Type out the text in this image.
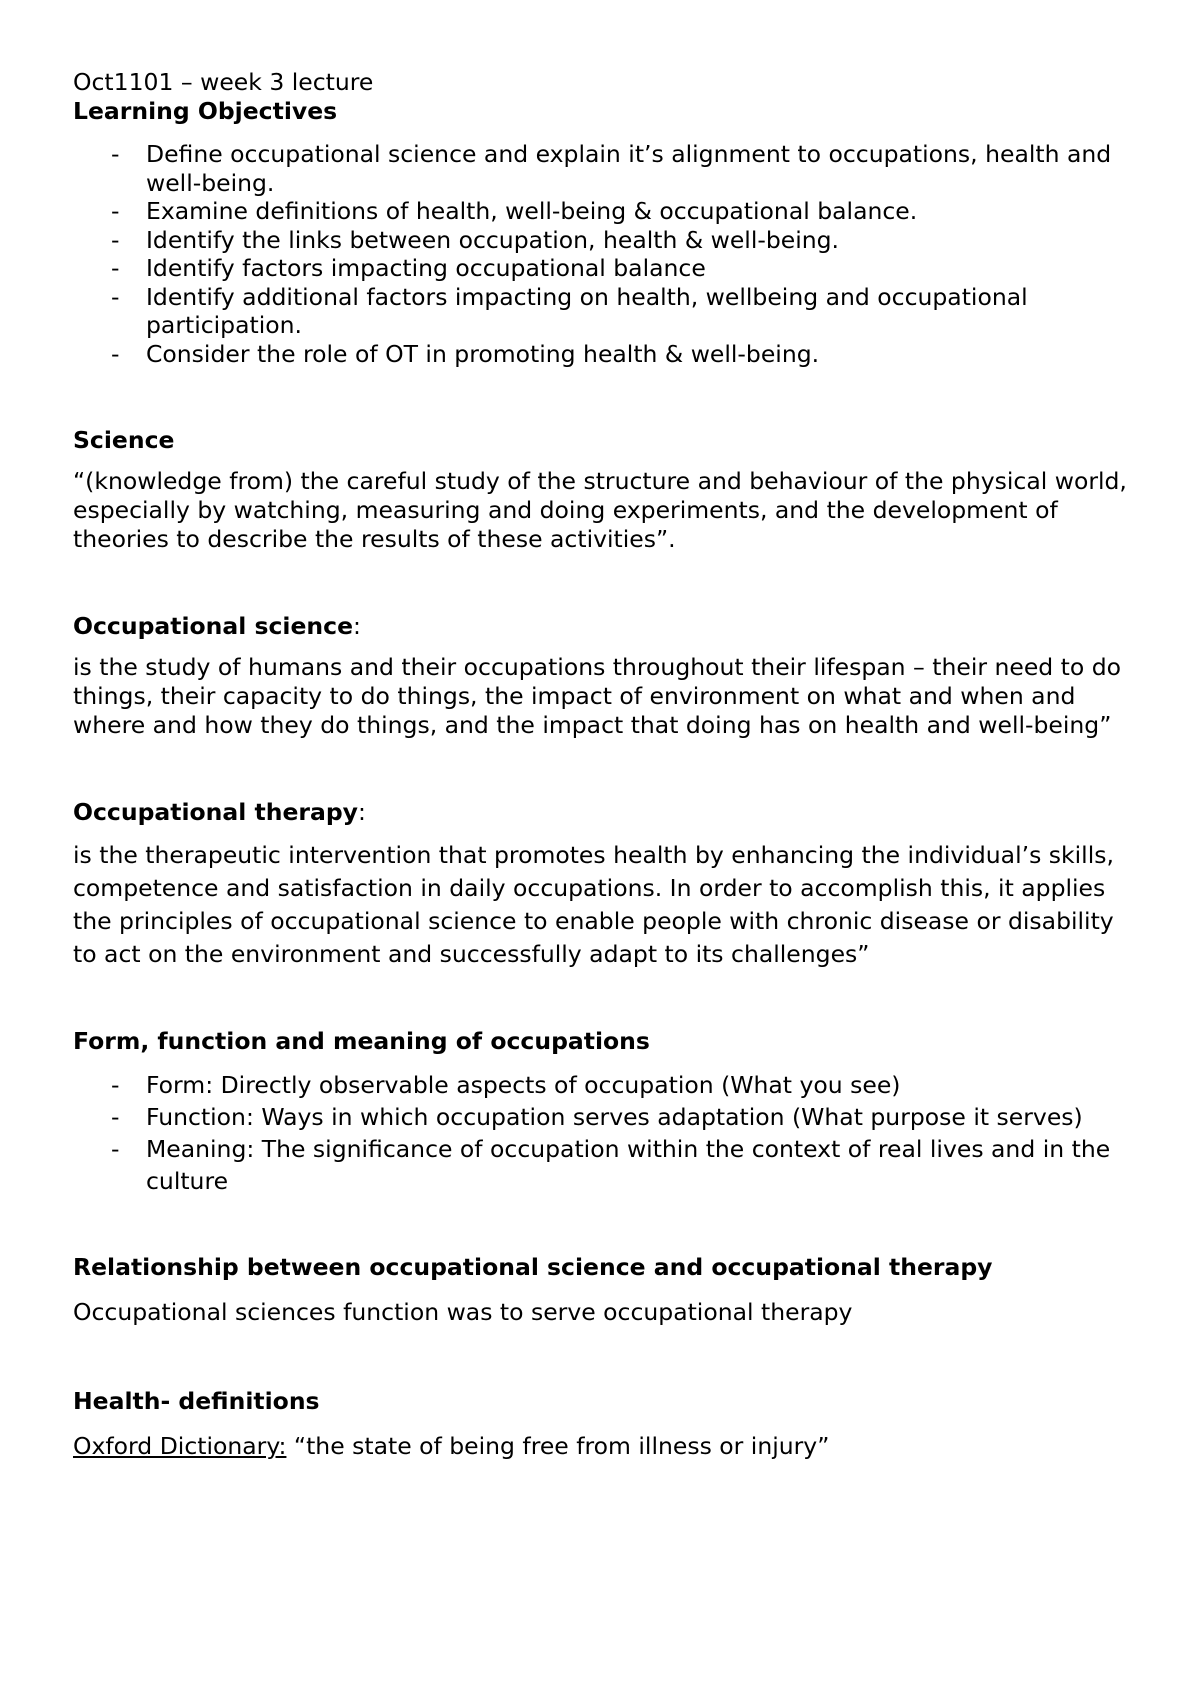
Oct1101 – week 3 lecture

Learning Objectives

- Define occupational science and explain it’s alignment to occupations, health and well-being.
- Examine definitions of health, well-being & occupational balance.
- Identify the links between occupation, health & well-being.
- Identify factors impacting occupational balance
- Identify additional factors impacting on health, wellbeing and occupational participation.
- Consider the role of OT in promoting health & well-being.

Science

“(knowledge from) the careful study of the structure and behaviour of the physical world, especially by watching, measuring and doing experiments, and the development of theories to describe the results of these activities”.

Occupational science:

is the study of humans and their occupations throughout their lifespan – their need to do things, their capacity to do things, the impact of environment on what and when and where and how they do things, and the impact that doing has on health and well-being”

Occupational therapy:

is the therapeutic intervention that promotes health by enhancing the individual’s skills, competence and satisfaction in daily occupations. In order to accomplish this, it applies the principles of occupational science to enable people with chronic disease or disability to act on the environment and successfully adapt to its challenges”

Form, function and meaning of occupations

- Form: Directly observable aspects of occupation (What you see)
- Function: Ways in which occupation serves adaptation (What purpose it serves)
- Meaning: The significance of occupation within the context of real lives and in the culture

Relationship between occupational science and occupational therapy

Occupational sciences function was to serve occupational therapy

Health- definitions

Oxford Dictionary: “the state of being free from illness or injury”
